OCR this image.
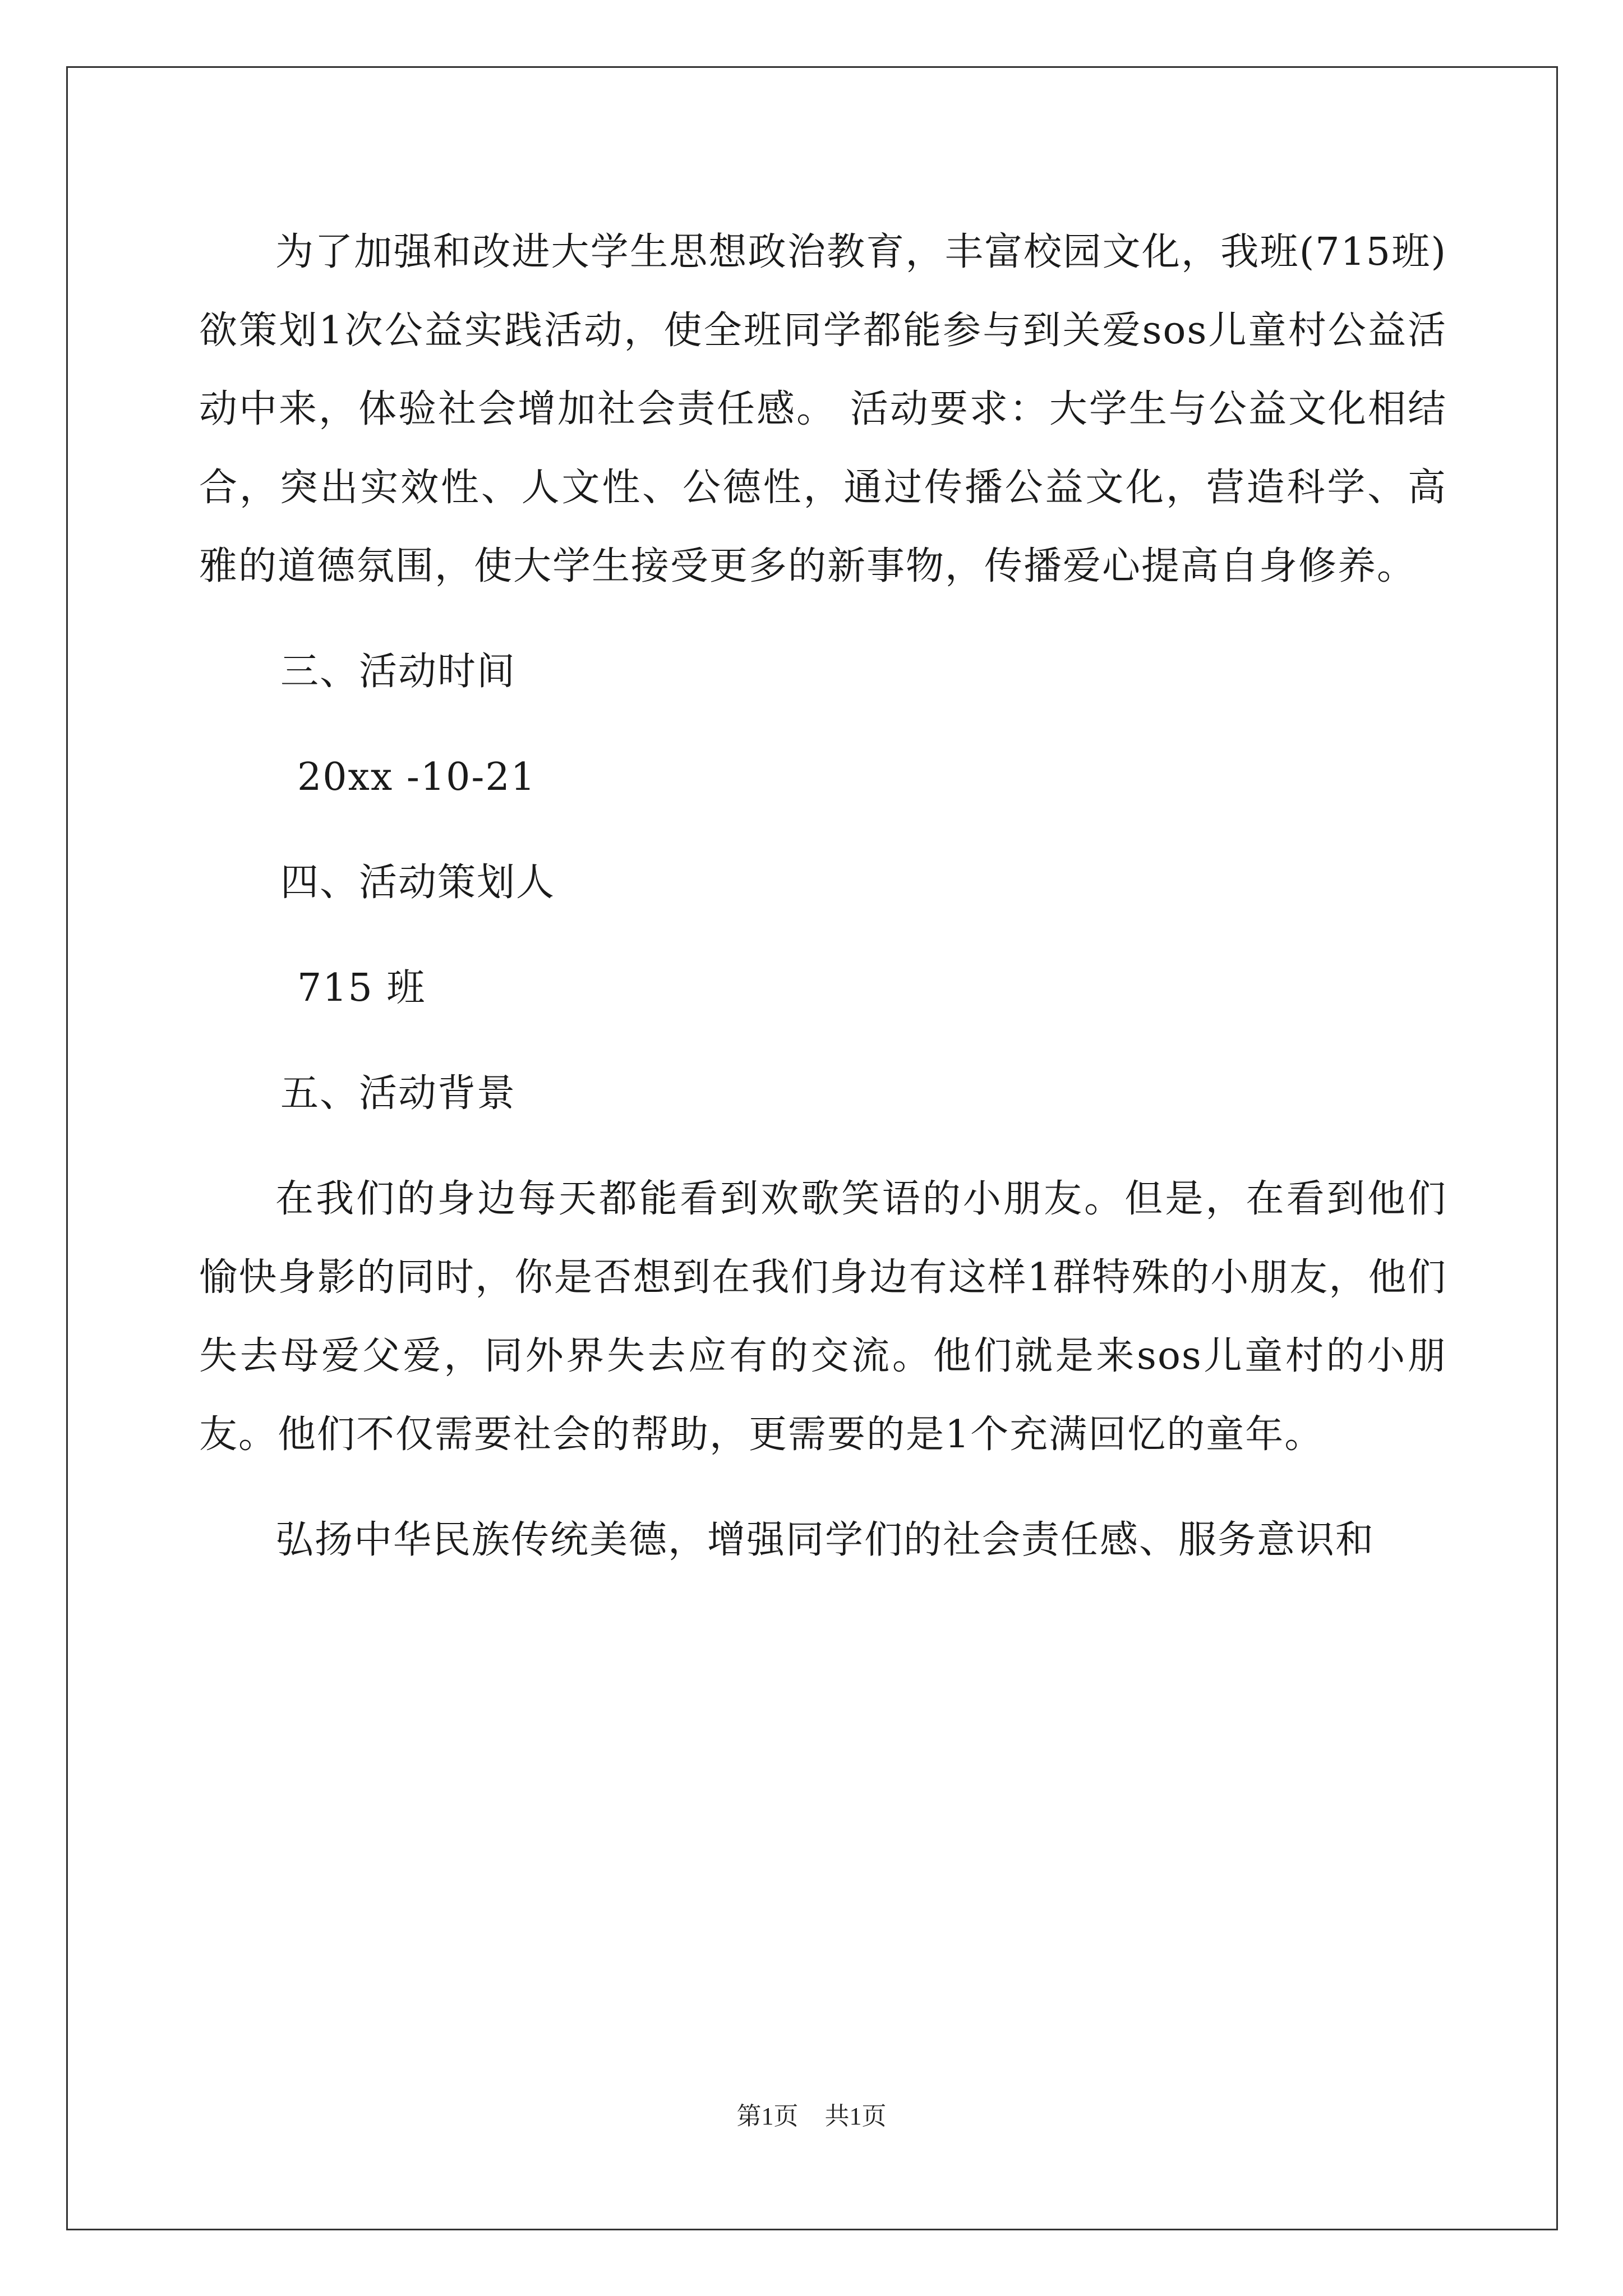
为了加强和改进大学生思想政治教育，丰富校园文化，我班(715班)欲策划1次公益实践活动，使全班同学都能参与到关爱sos儿童村公益活动中来，体验社会增加社会责任感。 活动要求：大学生与公益文化相结合，突出实效性、人文性、公德性，通过传播公益文化，营造科学、高雅的道德氛围，使大学生接受更多的新事物，传播爱心提高自身修养。

三、活动时间

20xx -10-21

四、活动策划人

715 班

五、活动背景

在我们的身边每天都能看到欢歌笑语的小朋友。但是，在看到他们愉快身影的同时，你是否想到在我们身边有这样1群特殊的小朋友，他们失去母爱父爱，同外界失去应有的交流。他们就是来sos儿童村的小朋友。他们不仅需要社会的帮助，更需要的是1个充满回忆的童年。

弘扬中华民族传统美德，增强同学们的社会责任感、服务意识和

第1页 共1页
